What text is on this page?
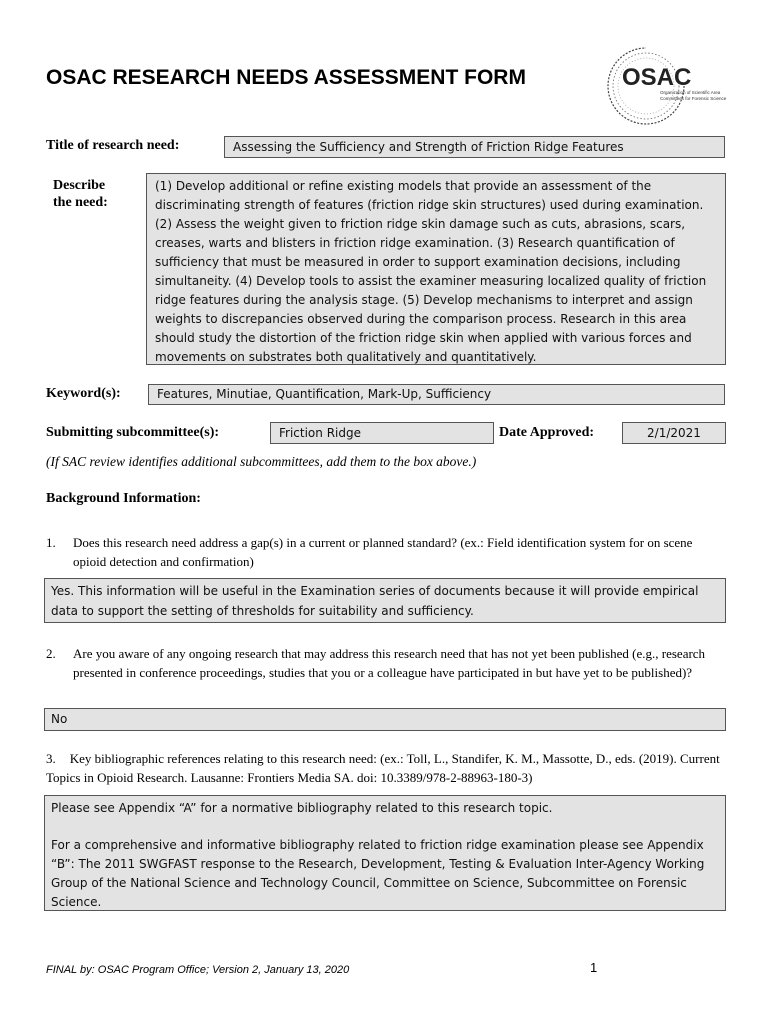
OSAC RESEARCH NEEDS ASSESSMENT FORM	OSAC
Organization of Scientific Area
Committees for Forensic Science
Title of research need:	Assessing the Sufficiency and Strength of Friction Ridge Features
Describe
the need:
(1) Develop additional or refine existing models that provide an assessment of the discriminating strength of features (friction ridge skin structures) used during examination. (2) Assess the weight given to friction ridge skin damage such as cuts, abrasions, scars, creases, warts and blisters in friction ridge examination. (3) Research quantification of sufficiency that must be measured in order to support examination decisions, including simultaneity. (4) Develop tools to assist the examiner measuring localized quality of friction ridge features during the analysis stage. (5) Develop mechanisms to interpret and assign weights to discrepancies observed during the comparison process. Research in this area should study the distortion of the friction ridge skin when applied with various forces and movements on substrates both qualitatively and quantitatively.
Keyword(s):	Features, Minutiae, Quantification, Mark-Up, Sufficiency
Submitting subcommittee(s):	Friction Ridge	Date Approved:	2/1/2021
(If SAC review identifies additional subcommittees, add them to the box above.)
Background Information:
1. Does this research need address a gap(s) in a current or planned standard? (ex.: Field identification system for on scene opioid detection and confirmation)
Yes. This information will be useful in the Examination series of documents because it will provide empirical data to support the setting of thresholds for suitability and sufficiency.
2. Are you aware of any ongoing research that may address this research need that has not yet been published (e.g., research presented in conference proceedings, studies that you or a colleague have participated in but have yet to be published)?
No
3. Key bibliographic references relating to this research need: (ex.: Toll, L., Standifer, K. M., Massotte, D., eds. (2019). Current Topics in Opioid Research. Lausanne: Frontiers Media SA. doi: 10.3389/978-2-88963-180-3)

Please see Appendix “A” for a normative bibliography related to this research topic.

For a comprehensive and informative bibliography related to friction ridge examination please see Appendix “B”: The 2011 SWGFAST response to the Research, Development, Testing & Evaluation Inter-Agency Working Group of the National Science and Technology Council, Committee on Science, Subcommittee on Forensic Science.

FINAL by: OSAC Program Office; Version 2, January 13, 2020	1
